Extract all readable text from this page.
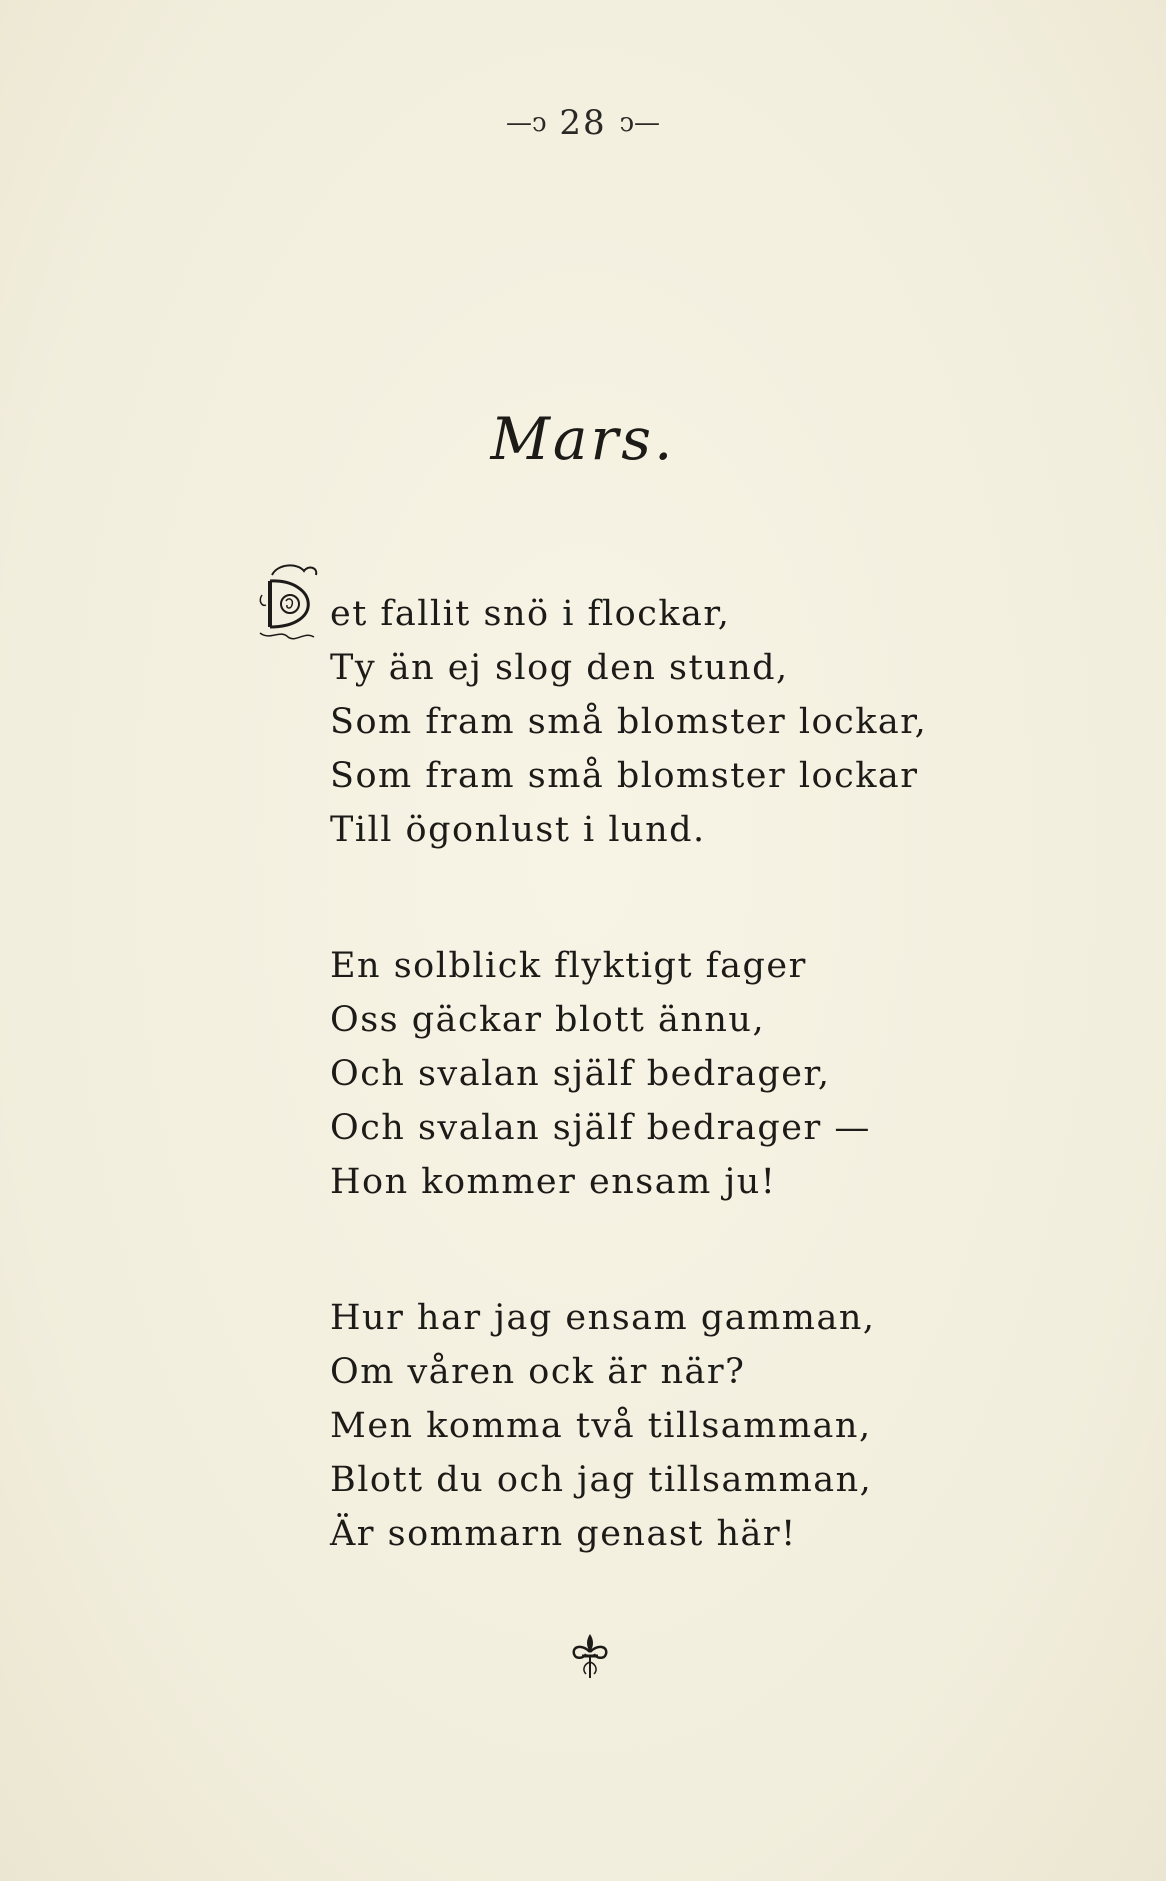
—ↄ 28 ↄ—
Mars.
D et fallit snö i flockar,
Ty än ej slog den stund,
Som fram små blomster lockar,
Som fram små blomster lockar
Till ögonlust i lund.
En solblick flyktigt fager
Oss gäckar blott ännu,
Och svalan själf bedrager,
Och svalan själf bedrager —
Hon kommer ensam ju!
Hur har jag ensam gamman,
Om våren ock är när?
Men komma två tillsamman,
Blott du och jag tillsamman,
Är sommarn genast här!
